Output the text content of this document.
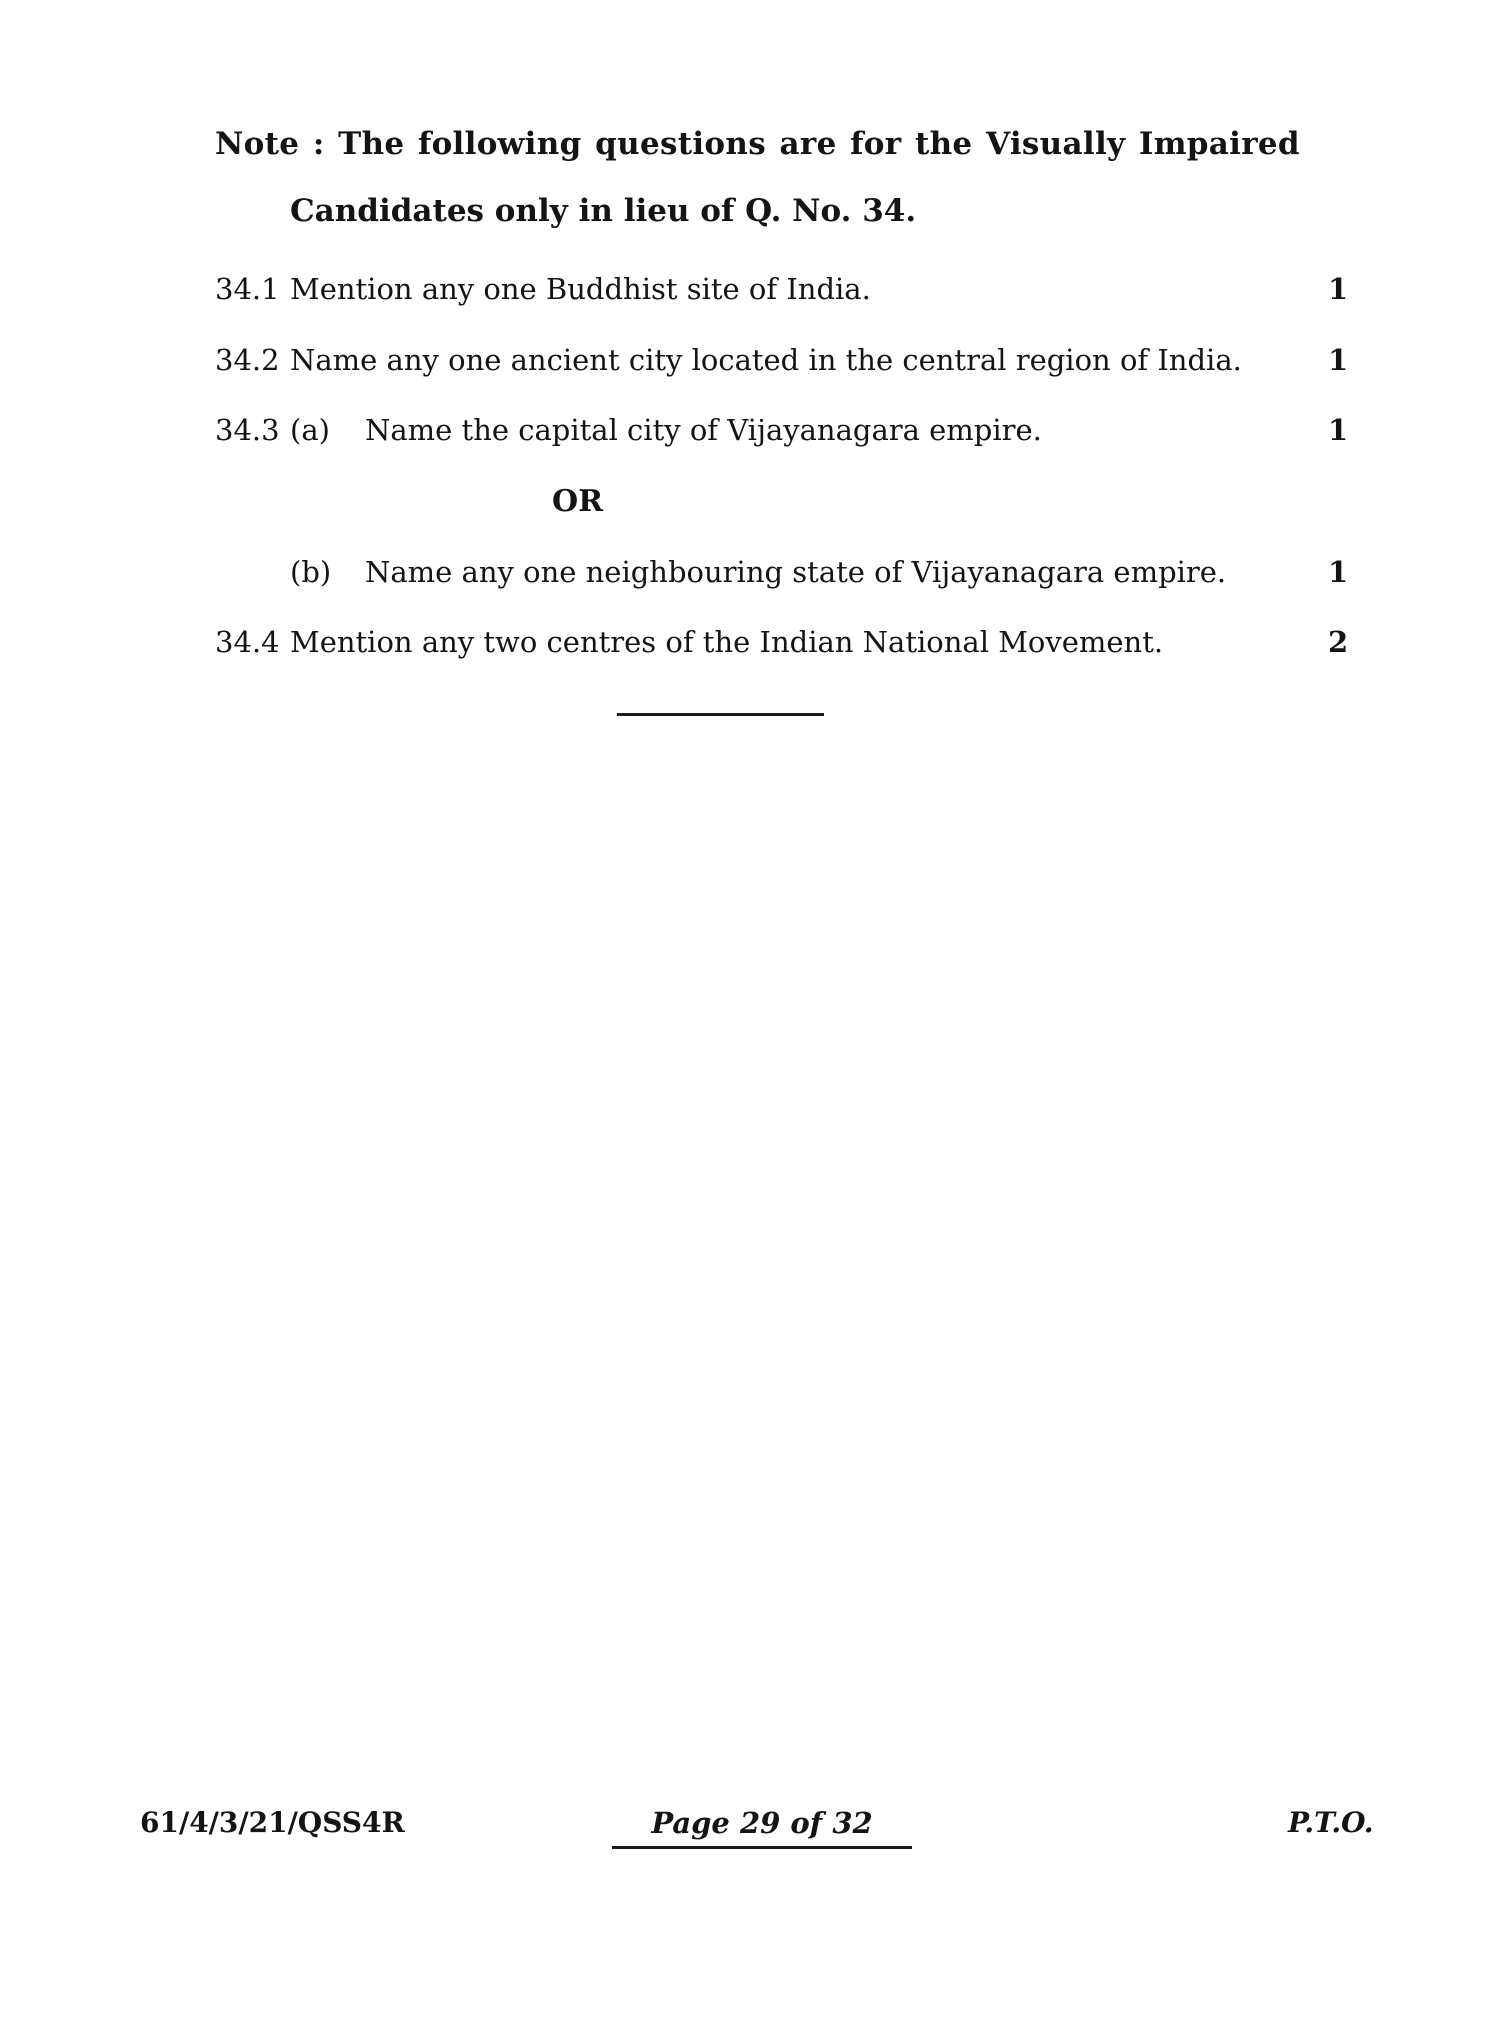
Note : The following questions are for the Visually Impaired
Candidates only in lieu of Q. No. 34.
34.1 Mention any one Buddhist site of India.	1
34.2 Name any one ancient city located in the central region of India.	1
34.3 (a) Name the capital city of Vijayanagara empire.	1
OR
(b) Name any one neighbouring state of Vijayanagara empire.	1
34.4 Mention any two centres of the Indian National Movement.	2
61/4/3/21/QSS4R	Page 29 of 32	P.T.O.
